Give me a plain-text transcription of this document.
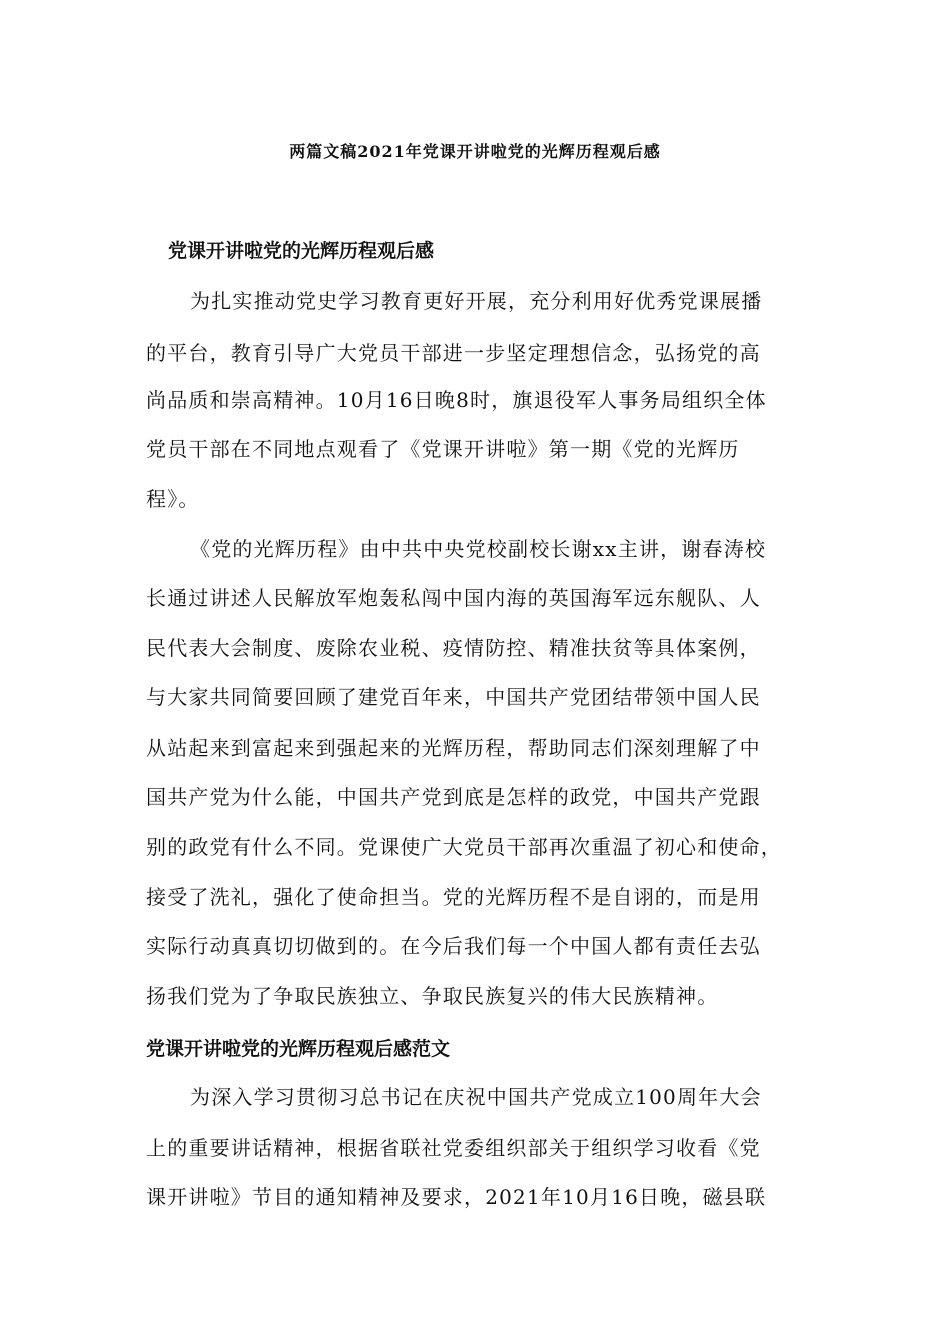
两篇文稿2021年党课开讲啦党的光辉历程观后感
党课开讲啦党的光辉历程观后感
为扎实推动党史学习教育更好开展，充分利用好优秀党课展播
的平台，教育引导广大党员干部进一步坚定理想信念，弘扬党的高
尚品质和崇高精神。10月16日晚8时，旗退役军人事务局组织全体
党员干部在不同地点观看了《党课开讲啦》第一期《党的光辉历
程》。
《党的光辉历程》由中共中央党校副校长谢xx主讲，谢春涛校
长通过讲述人民解放军炮轰私闯中国内海的英国海军远东舰队、人
民代表大会制度、废除农业税、疫情防控、精准扶贫等具体案例，
与大家共同简要回顾了建党百年来，中国共产党团结带领中国人民
从站起来到富起来到强起来的光辉历程，帮助同志们深刻理解了中
国共产党为什么能，中国共产党到底是怎样的政党，中国共产党跟
别的政党有什么不同。党课使广大党员干部再次重温了初心和使命，
接受了洗礼，强化了使命担当。党的光辉历程不是自诩的，而是用
实际行动真真切切做到的。在今后我们每一个中国人都有责任去弘
扬我们党为了争取民族独立、争取民族复兴的伟大民族精神。
党课开讲啦党的光辉历程观后感范文
为深入学习贯彻习总书记在庆祝中国共产党成立100周年大会
上的重要讲话精神，根据省联社党委组织部关于组织学习收看《党
课开讲啦》节目的通知精神及要求，2021年10月16日晚，磁县联
